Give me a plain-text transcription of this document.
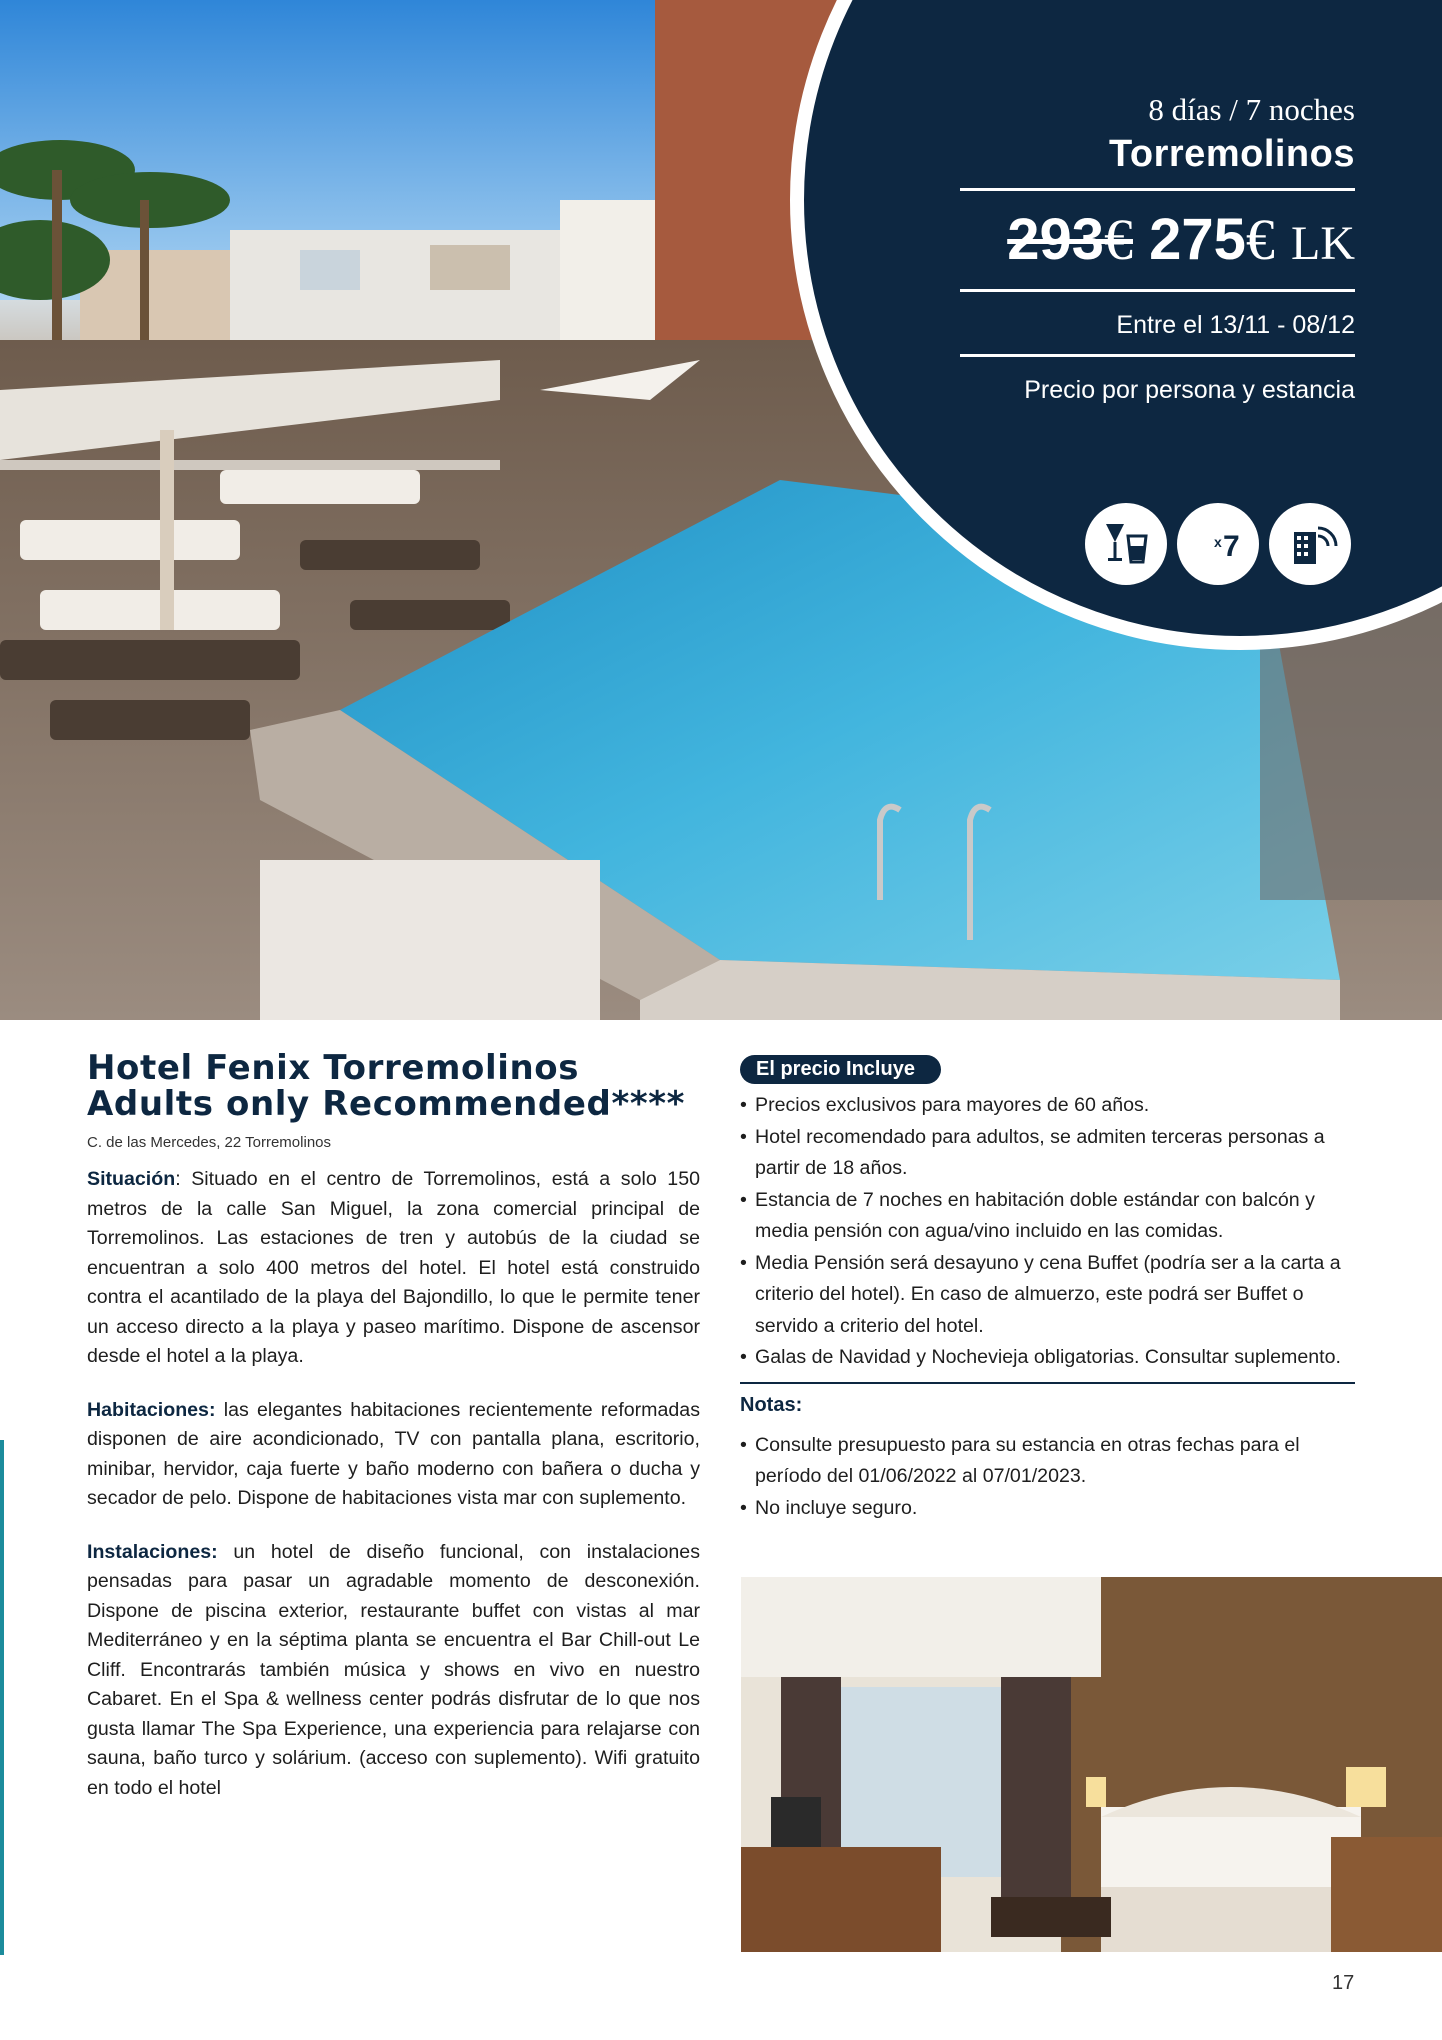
8 días / 7 noches
Torremolinos
293€ 275€ LK
Entre el 13/11 - 08/12
Precio por persona y estancia
x 7
Hotel Fenix Torremolinos Adults only Recommended****
C. de las Mercedes, 22 Torremolinos

Situación: Situado en el centro de Torremolinos, está a solo 150 metros de la calle San Miguel, la zona comercial principal de Torremolinos. Las estaciones de tren y autobús de la ciudad se encuentran a solo 400 metros del hotel. El hotel está construido contra el acantilado de la playa del Bajondillo, lo que le permite tener un acceso directo a la playa y paseo marítimo. Dispone de ascensor desde el hotel a la playa.

Habitaciones: las elegantes habitaciones recientemente reformadas disponen de aire acondicionado, TV con pantalla plana, escritorio, minibar, hervidor, caja fuerte y baño moderno con bañera o ducha y secador de pelo. Dispone de habitaciones vista mar con suplemento.

Instalaciones: un hotel de diseño funcional, con instalaciones pensadas para pasar un agradable momento de desconexión. Dispone de piscina exterior, restaurante buffet con vistas al mar Mediterráneo y en la séptima planta se encuentra el Bar Chill-out Le Cliff. Encontrarás también música y shows en vivo en nuestro Cabaret. En el Spa & wellness center podrás disfrutar de lo que nos gusta llamar The Spa Experience, una experiencia para relajarse con sauna, baño turco y solárium. (acceso con suplemento). Wifi gratuito en todo el hotel

El precio Incluye
• Precios exclusivos para mayores de 60 años.
• Hotel recomendado para adultos, se admiten terceras personas a partir de 18 años.
• Estancia de 7 noches en habitación doble estándar con balcón y media pensión con agua/vino incluido en las comidas.
• Media Pensión será desayuno y cena Buffet (podría ser a la carta a criterio del hotel). En caso de almuerzo, este podrá ser Buffet o servido a criterio del hotel.
• Galas de Navidad y Nochevieja obligatorias. Consultar suplemento.
Notas:
• Consulte presupuesto para su estancia en otras fechas para el período del 01/06/2022 al 07/01/2023.
• No incluye seguro.
17
